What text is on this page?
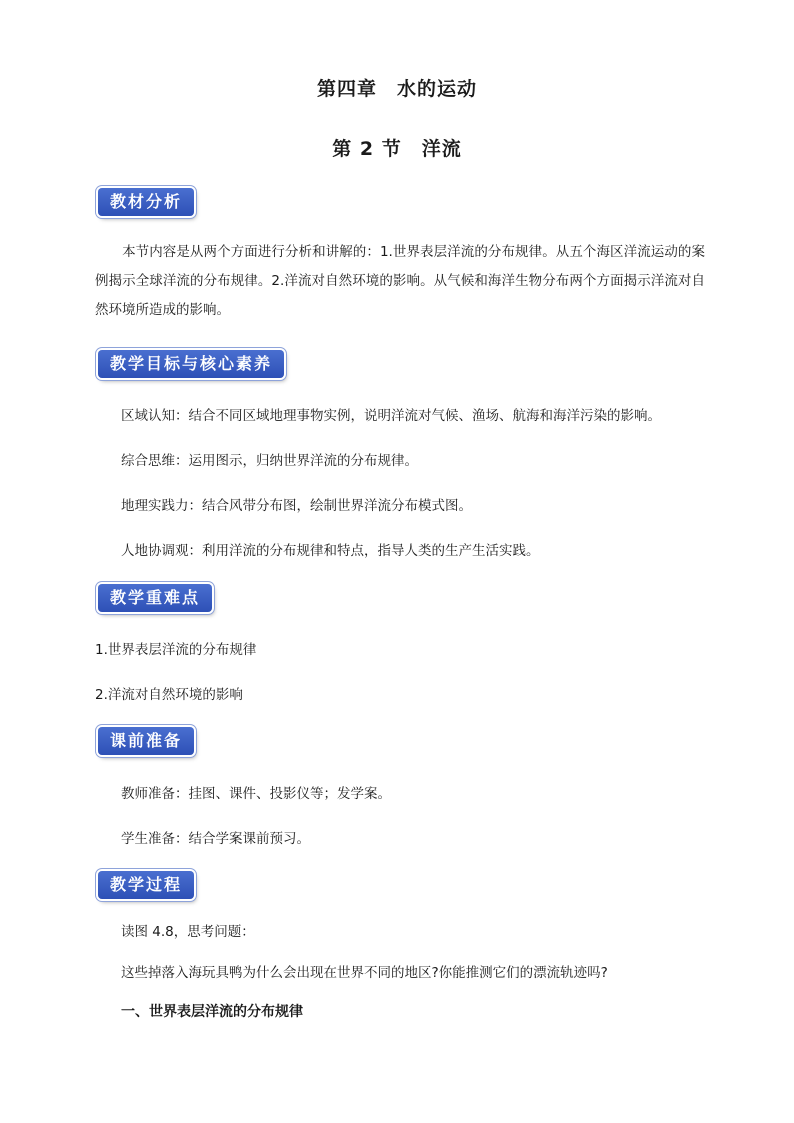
第四章　水的运动
第 2 节　洋流
教材分析
本节内容是从两个方面进行分析和讲解的：1.世界表层洋流的分布规律。从五个海区洋流运动的案例揭示全球洋流的分布规律。2.洋流对自然环境的影响。从气候和海洋生物分布两个方面揭示洋流对自然环境所造成的影响。
教学目标与核心素养
区域认知：结合不同区域地理事物实例，说明洋流对气候、渔场、航海和海洋污染的影响。
综合思维：运用图示，归纳世界洋流的分布规律。
地理实践力：结合风带分布图，绘制世界洋流分布模式图。
人地协调观：利用洋流的分布规律和特点，指导人类的生产生活实践。
教学重难点
1.世界表层洋流的分布规律
2.洋流对自然环境的影响
课前准备
教师准备：挂图、课件、投影仪等；发学案。
学生准备：结合学案课前预习。
教学过程
读图 4.8，思考问题：
这些掉落入海玩具鸭为什么会出现在世界不同的地区?你能推测它们的漂流轨迹吗?
一、世界表层洋流的分布规律
